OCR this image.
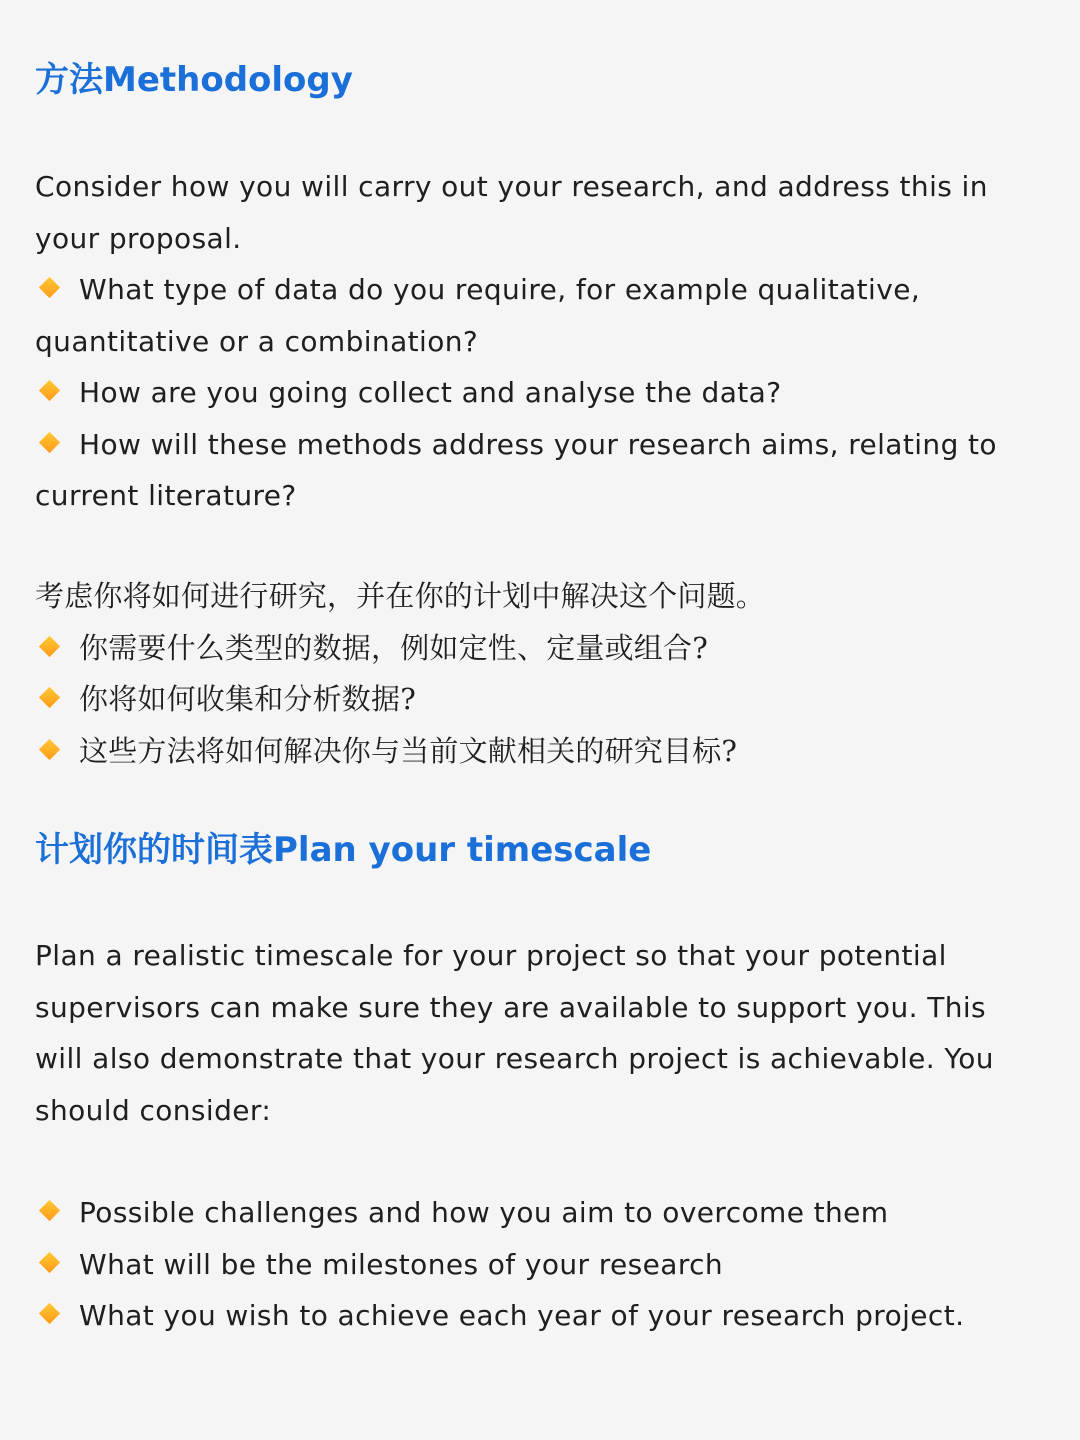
方法Methodology
Consider how you will carry out your research, and address this in
your proposal.
What type of data do you require, for example qualitative,
quantitative or a combination?
How are you going collect and analyse the data?
How will these methods address your research aims, relating to
current literature?
考虑你将如何进行研究，并在你的计划中解决这个问题。
你需要什么类型的数据，例如定性、定量或组合?
你将如何收集和分析数据?
这些方法将如何解决你与当前文献相关的研究目标?
计划你的时间表Plan your timescale
Plan a realistic timescale for your project so that your potential
supervisors can make sure they are available to support you. This
will also demonstrate that your research project is achievable. You
should consider:
Possible challenges and how you aim to overcome them
What will be the milestones of your research
What you wish to achieve each year of your research project.
